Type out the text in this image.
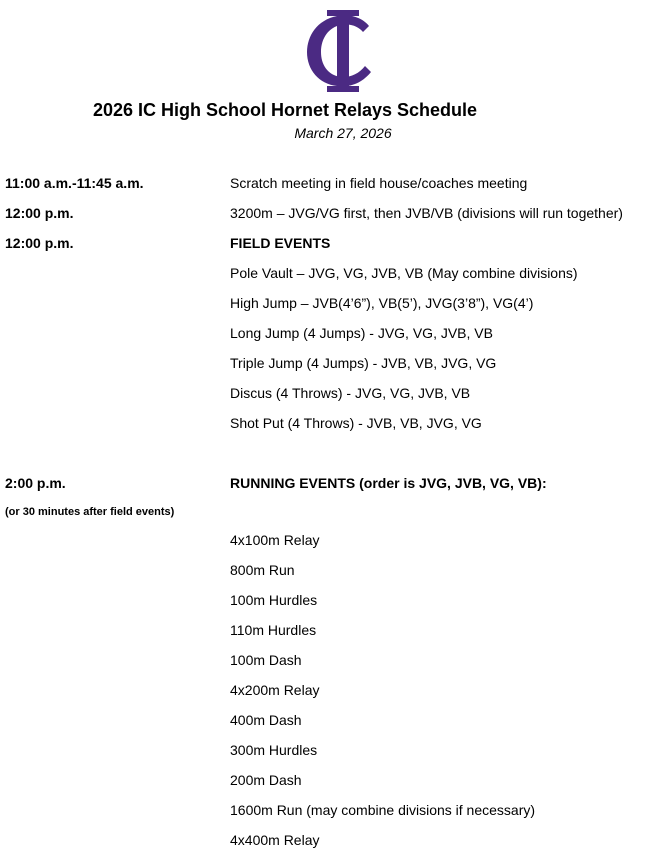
2026 IC High School Hornet Relays Schedule
March 27, 2026
11:00 a.m.-11:45 a.m.	Scratch meeting in field house/coaches meeting
12:00 p.m.	3200m – JVG/VG first, then JVB/VB (divisions will run together)
12:00 p.m.	FIELD EVENTS
Pole Vault – JVG, VG, JVB, VB (May combine divisions)
High Jump – JVB(4’6”), VB(5’), JVG(3’8”), VG(4’)
Long Jump (4 Jumps) - JVG, VG, JVB, VB
Triple Jump (4 Jumps) - JVB, VB, JVG, VG
Discus (4 Throws) - JVG, VG, JVB, VB
Shot Put (4 Throws) - JVB, VB, JVG, VG
2:00 p.m.	RUNNING EVENTS (order is JVG, JVB, VG, VB):
(or 30 minutes after field events)
4x100m Relay
800m Run
100m Hurdles
110m Hurdles
100m Dash
4x200m Relay
400m Dash
300m Hurdles
200m Dash
1600m Run (may combine divisions if necessary)
4x400m Relay
